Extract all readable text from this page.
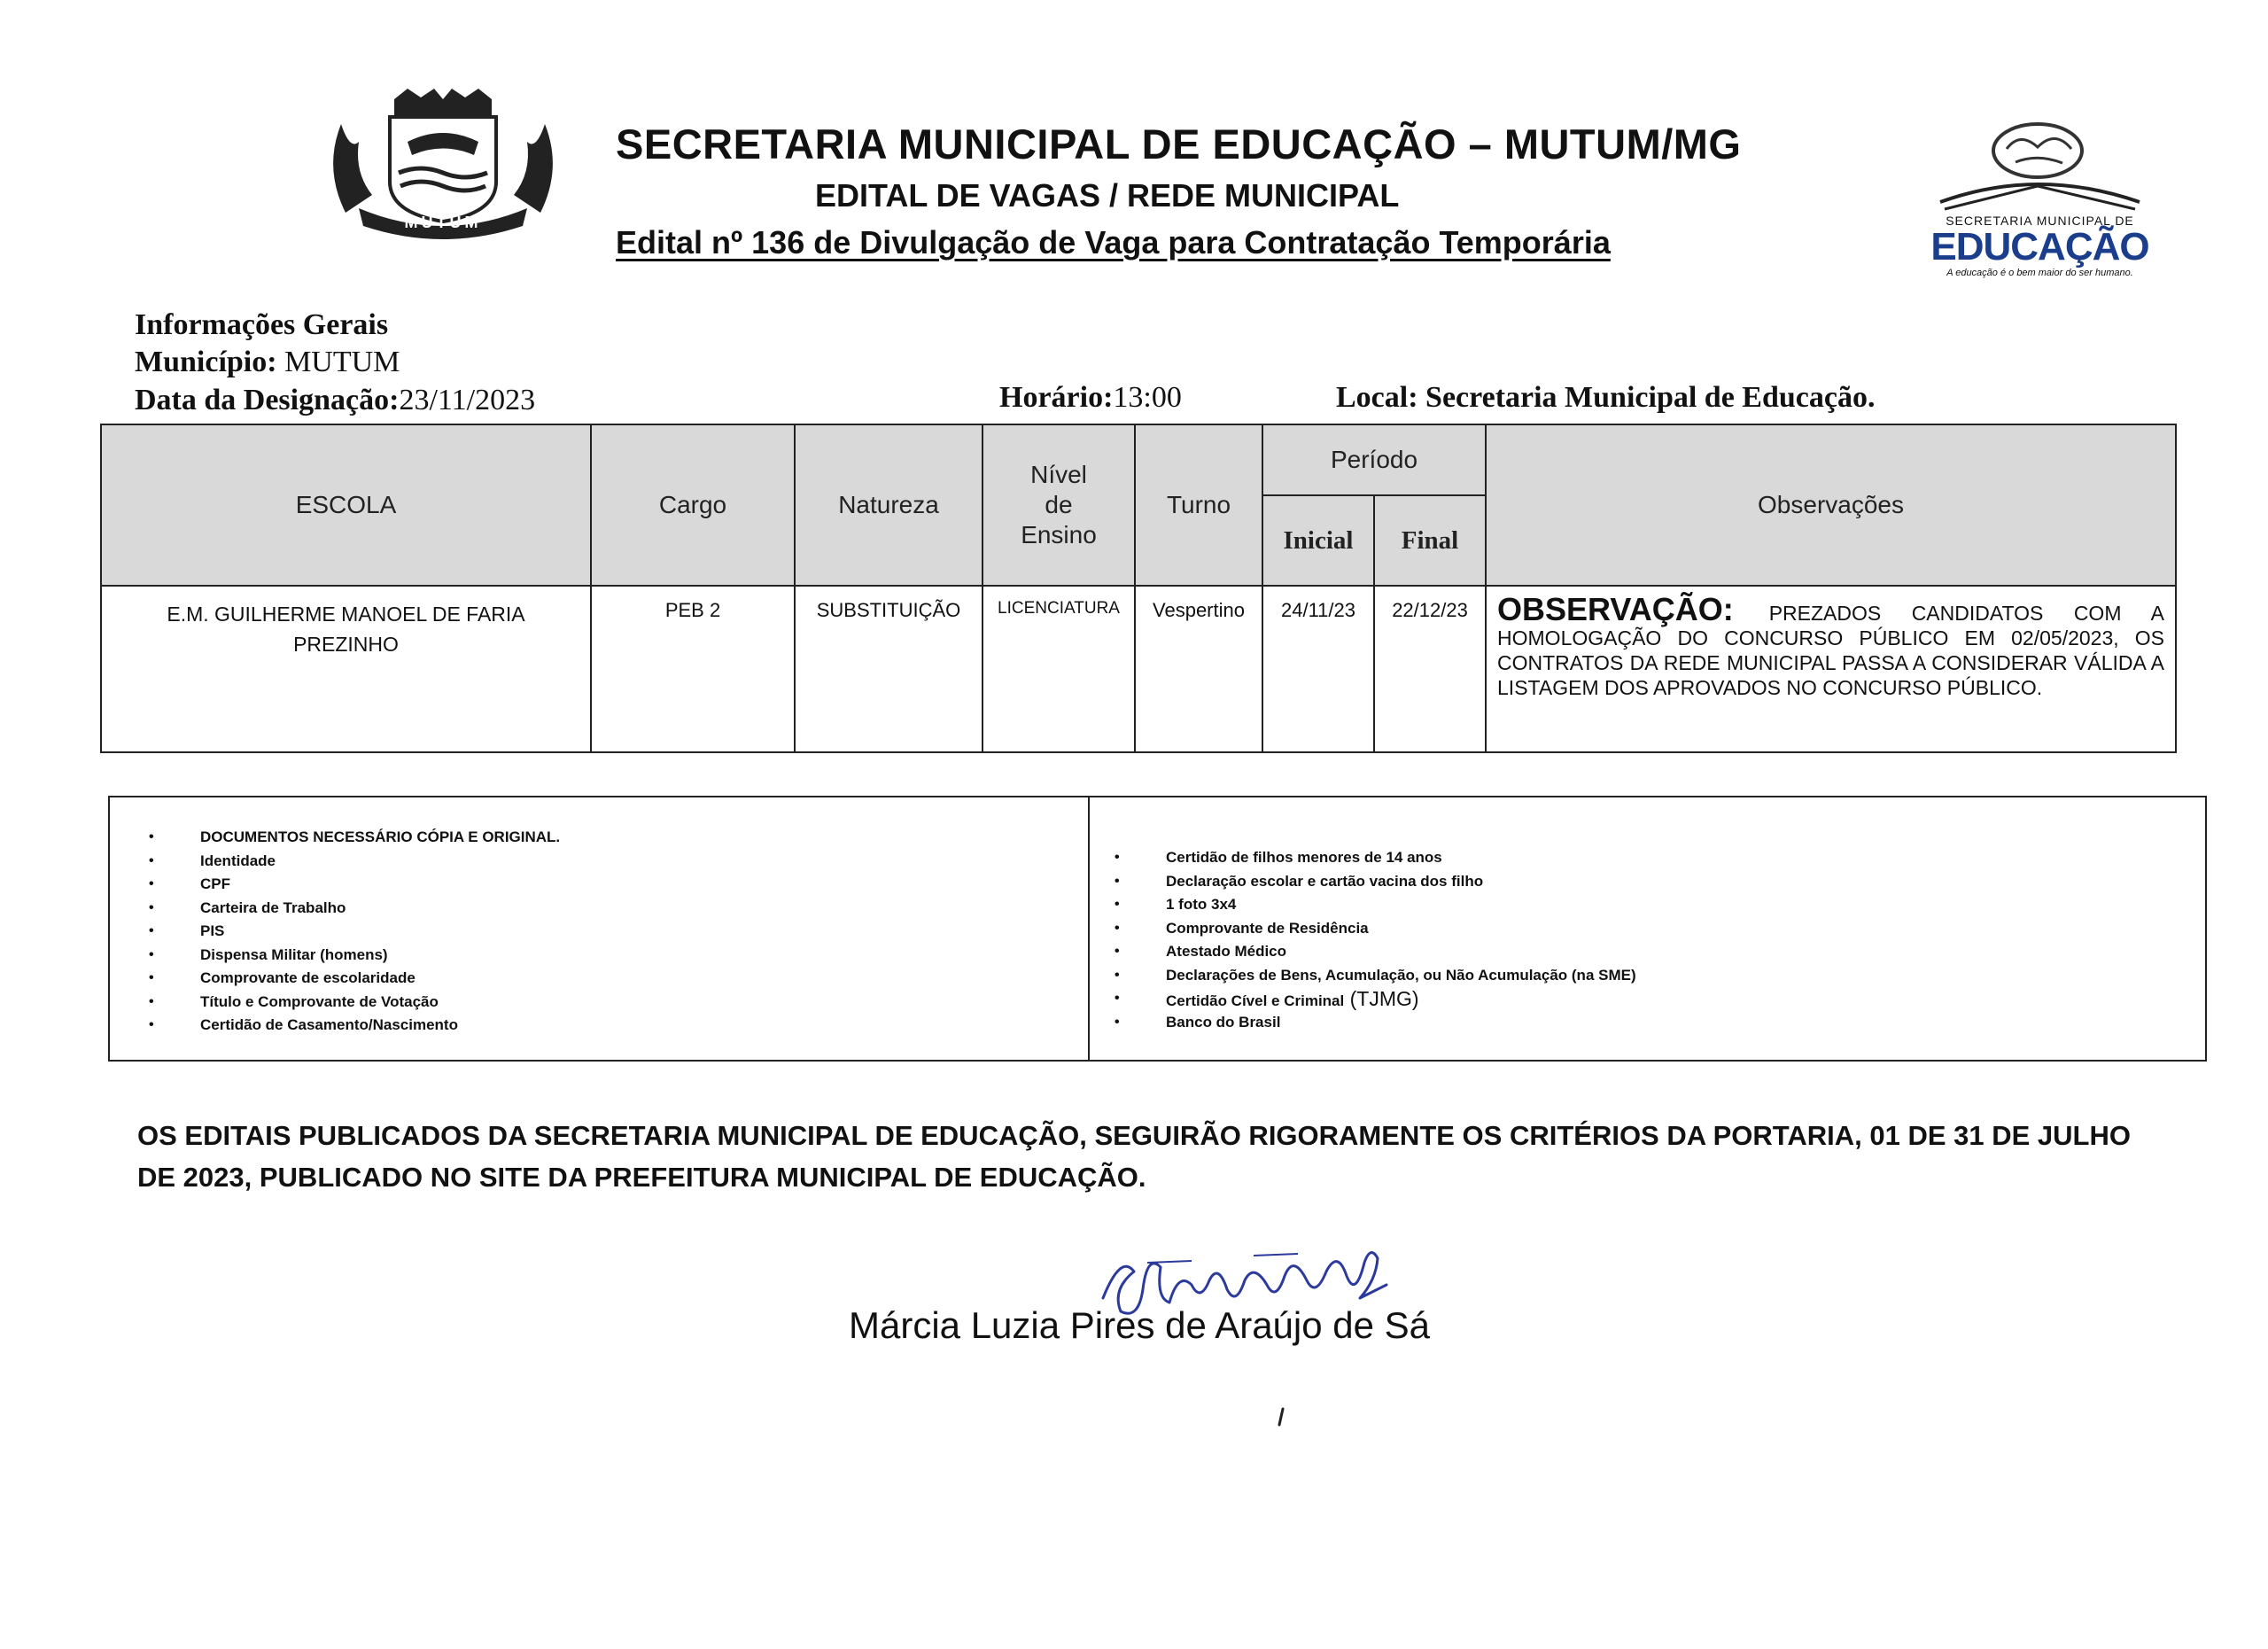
MUTUM
SECRETARIA MUNICIPAL DE EDUCAÇÃO – MUTUM/MG
EDITAL DE VAGAS / REDE MUNICIPAL
Edital nº 136 de Divulgação de Vaga para Contratação Temporária
SECRETARIA MUNICIPAL DE
EDUCAÇÃO
A educação é o bem maior do ser humano.
Informações Gerais
Município: MUTUM
Data da Designação:23/11/2023	Horário:13:00	Local: Secretaria Municipal de Educação.
ESCOLA	Cargo	Natureza	Nível de Ensino	Turno	Período		Observações
					Inicial	Final	

E.M. GUILHERME MANOEL DE FARIA PREZINHO	PEB 2	SUBSTITUIÇÃO	LICENCIATURA	Vespertino	24/11/23	22/12/23	OBSERVAÇÃO: PREZADOS CANDIDATOS COM A HOMOLOGAÇÃO DO CONCURSO PÚBLICO EM 02/05/2023, OS CONTRATOS DA REDE MUNICIPAL PASSA A CONSIDERAR VÁLIDA A LISTAGEM DOS APROVADOS NO CONCURSO PÚBLICO.
• DOCUMENTOS NECESSÁRIO CÓPIA E ORIGINAL.
• Identidade
• CPF
• Carteira de Trabalho
• PIS
• Dispensa Militar (homens)
• Comprovante de escolaridade
• Título e Comprovante de Votação
• Certidão de Casamento/Nascimento
• Certidão de filhos menores de 14 anos
• Declaração escolar e cartão vacina dos filho
• 1 foto 3x4
• Comprovante de Residência
• Atestado Médico
• Declarações de Bens, Acumulação, ou Não Acumulação (na SME)
• Certidão Cível e Criminal (TJMG)
• Banco do Brasil
OS EDITAIS PUBLICADOS DA SECRETARIA MUNICIPAL DE EDUCAÇÃO, SEGUIRÃO RIGORAMENTE OS CRITÉRIOS DA PORTARIA, 01 DE 31 DE JULHO DE 2023, PUBLICADO NO SITE DA PREFEITURA MUNICIPAL DE EDUCAÇÃO.
Márcia Luzia Pires de Araújo de Sá
